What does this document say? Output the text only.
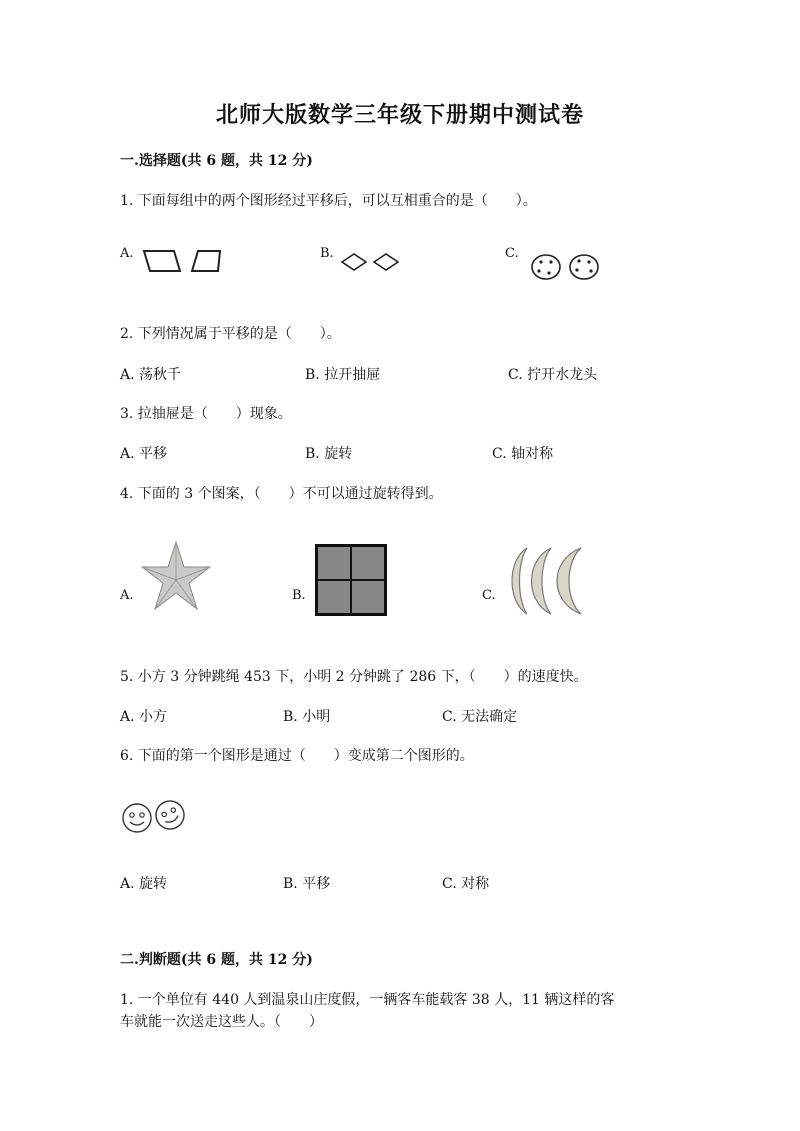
北师大版数学三年级下册期中测试卷
一.选择题(共 6 题，共 12 分)
1. 下面每组中的两个图形经过平移后，可以互相重合的是（　　）。
A.	B.	C.
2. 下列情况属于平移的是（　　）。
A. 荡秋千	B. 拉开抽屉	C. 拧开水龙头
3. 拉抽屉是（　　）现象。
A. 平移	B. 旋转	C. 轴对称
4. 下面的 3 个图案，（　　）不可以通过旋转得到。
A.	B.	C.
5. 小方 3 分钟跳绳 453 下，小明 2 分钟跳了 286 下，（　　）的速度快。
A. 小方	B. 小明	C. 无法确定
6. 下面的第一个图形是通过（　　）变成第二个图形的。
A. 旋转	B. 平移	C. 对称
二.判断题(共 6 题，共 12 分)
1. 一个单位有 440 人到温泉山庄度假，一辆客车能载客 38 人，11 辆这样的客
车就能一次送走这些人。（　　）
